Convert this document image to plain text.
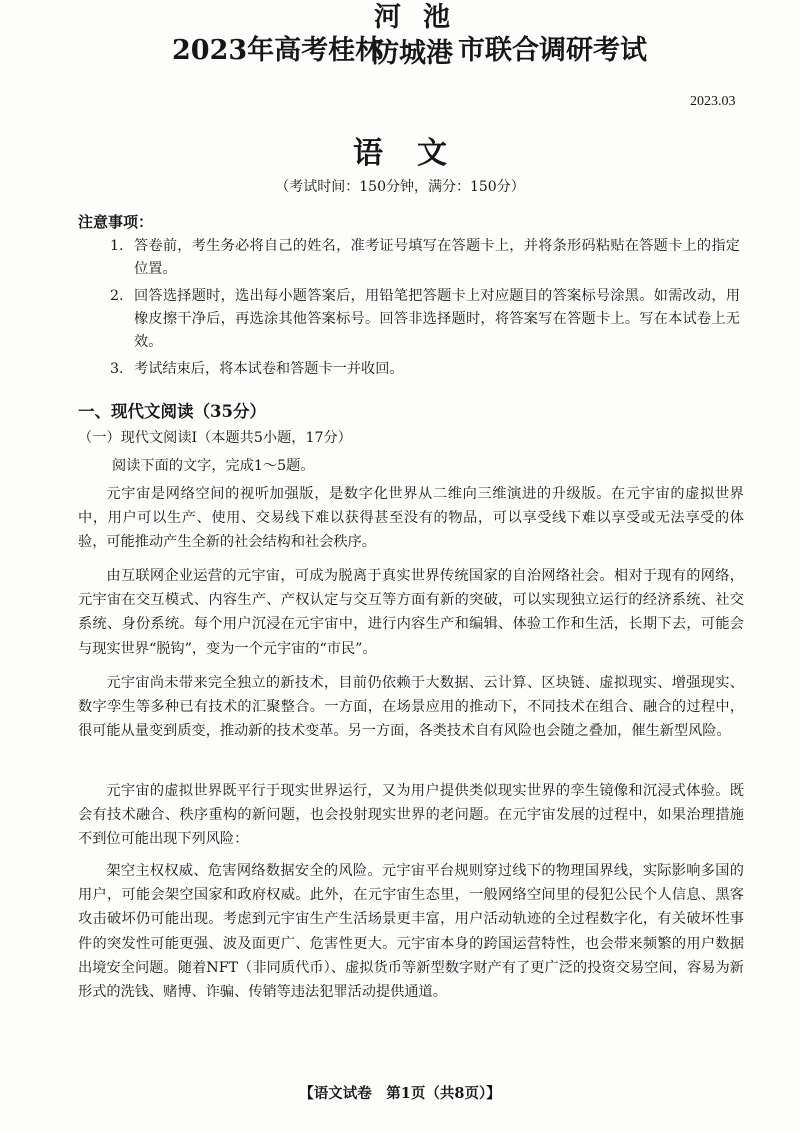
2023年高考桂林
河 池
防城港 市联合调研考试
2023.03
语文
（考试时间：150分钟，满分：150分）
注意事项：
1. 答卷前，考生务必将自己的姓名，准考证号填写在答题卡上，并将条形码粘贴在答题卡上的指定位置。
2. 回答选择题时，选出每小题答案后，用铅笔把答题卡上对应题目的答案标号涂黑。如需改动，用橡皮擦干净后，再选涂其他答案标号。回答非选择题时，将答案写在答题卡上。写在本试卷上无效。
3. 考试结束后，将本试卷和答题卡一并收回。
一、现代文阅读（35分）
（一）现代文阅读Ⅰ（本题共5小题，17分）
阅读下面的文字，完成1～5题。
元宇宙是网络空间的视听加强版，是数字化世界从二维向三维演进的升级版。在元宇宙的虚拟世界中，用户可以生产、使用、交易线下难以获得甚至没有的物品，可以享受线下难以享受或无法享受的体验，可能推动产生全新的社会结构和社会秩序。
由互联网企业运营的元宇宙，可成为脱离于真实世界传统国家的自治网络社会。相对于现有的网络，元宇宙在交互模式、内容生产、产权认定与交互等方面有新的突破，可以实现独立运行的经济系统、社交系统、身份系统。每个用户沉浸在元宇宙中，进行内容生产和编辑、体验工作和生活，长期下去，可能会与现实世界“脱钩”，变为一个元宇宙的“市民”。
元宇宙尚未带来完全独立的新技术，目前仍依赖于大数据、云计算、区块链、虚拟现实、增强现实、数字孪生等多种已有技术的汇聚整合。一方面，在场景应用的推动下，不同技术在组合、融合的过程中，很可能从量变到质变，推动新的技术变革。另一方面，各类技术自有风险也会随之叠加，催生新型风险。
元宇宙的虚拟世界既平行于现实世界运行，又为用户提供类似现实世界的孪生镜像和沉浸式体验。既会有技术融合、秩序重构的新问题，也会投射现实世界的老问题。在元宇宙发展的过程中，如果治理措施不到位可能出现下列风险：
架空主权权威、危害网络数据安全的风险。元宇宙平台规则穿过线下的物理国界线，实际影响多国的用户，可能会架空国家和政府权威。此外，在元宇宙生态里，一般网络空间里的侵犯公民个人信息、黑客攻击破坏仍可能出现。考虑到元宇宙生产生活场景更丰富，用户活动轨迹的全过程数字化，有关破坏性事件的突发性可能更强、波及面更广、危害性更大。元宇宙本身的跨国运营特性，也会带来频繁的用户数据出境安全问题。随着NFT（非同质代币）、虚拟货币等新型数字财产有了更广泛的投资交易空间，容易为新形式的洗钱、赌博、诈骗、传销等违法犯罪活动提供通道。
【语文试卷　第1页（共8页）】
